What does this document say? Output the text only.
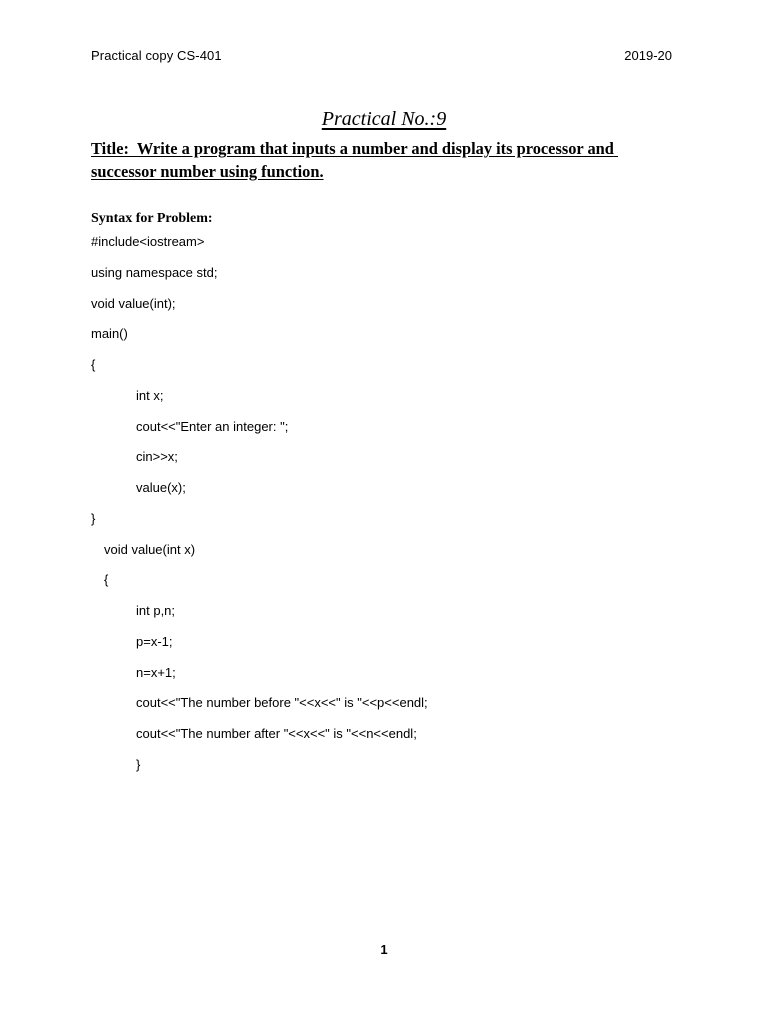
Practical copy CS-401	2019-20
Practical No.:9
Title:  Write a program that inputs a number and display its processor and successor number using function.
Syntax for Problem:
#include<iostream>
using namespace std;
void value(int);
main()
{
int x;
cout<<"Enter an integer: ";
cin>>x;
value(x);
}
void value(int x)
{
int p,n;
p=x-1;
n=x+1;
cout<<"The number before "<<x<<" is "<<p<<endl;
cout<<"The number after "<<x<<" is "<<n<<endl;
}
1
